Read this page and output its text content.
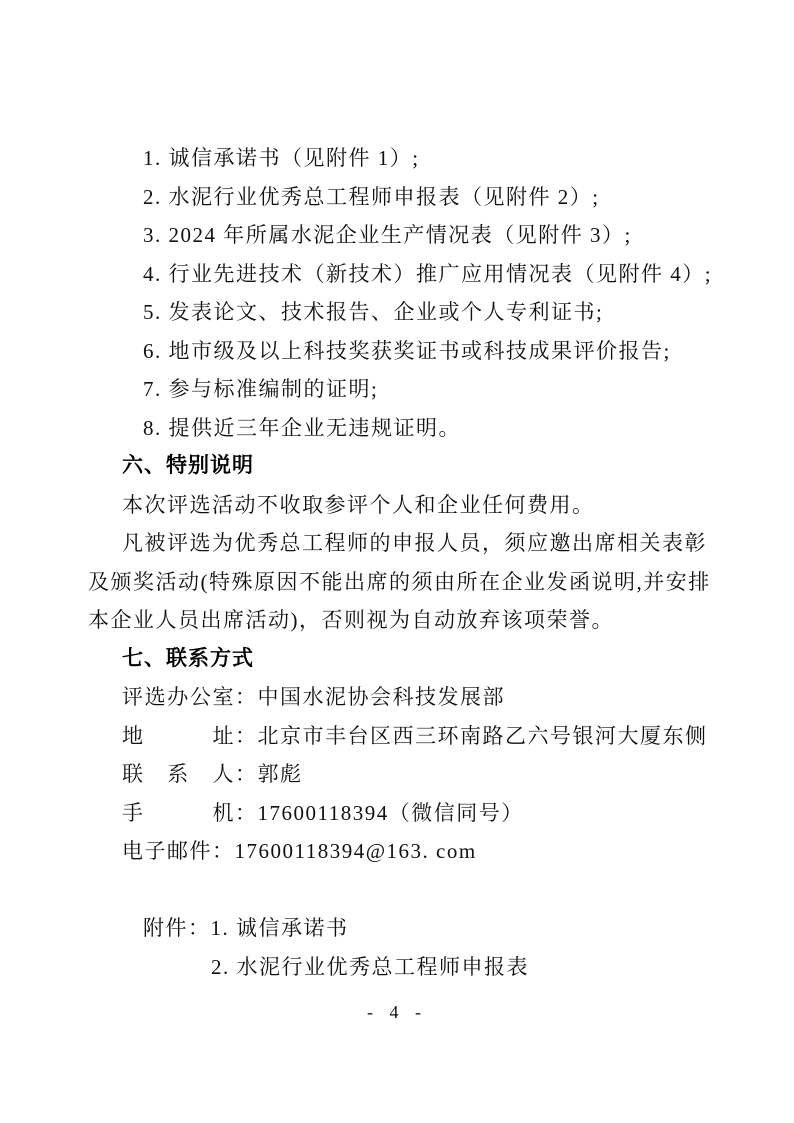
1. 诚信承诺书（见附件 1）;
2. 水泥行业优秀总工程师申报表（见附件 2）;
3. 2024 年所属水泥企业生产情况表（见附件 3）;
4. 行业先进技术（新技术）推广应用情况表（见附件 4）;
5. 发表论文、技术报告、企业或个人专利证书;
6. 地市级及以上科技奖获奖证书或科技成果评价报告;
7. 参与标准编制的证明;
8. 提供近三年企业无违规证明。
六、特别说明
本次评选活动不收取参评个人和企业任何费用。
凡被评选为优秀总工程师的申报人员，须应邀出席相关表彰
及颁奖活动(特殊原因不能出席的须由所在企业发函说明,并安排
本企业人员出席活动)，否则视为自动放弃该项荣誉。
七、联系方式
评选办公室：中国水泥协会科技发展部
地址：北京市丰台区西三环南路乙六号银河大厦东侧
联系人：郭彪
手机：17600118394（微信同号）
电子邮件：17600118394@163. com
附件：1. 诚信承诺书
2. 水泥行业优秀总工程师申报表
- 4 -
